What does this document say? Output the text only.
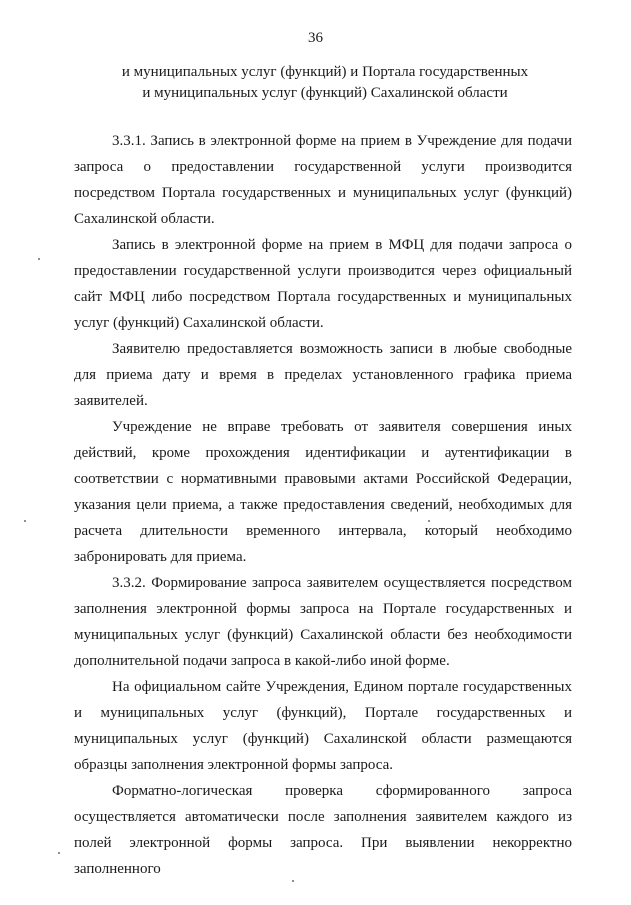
36
и муниципальных услуг (функций) и Портала государственных
и муниципальных услуг (функций) Сахалинской области

3.3.1. Запись в электронной форме на прием в Учреждение для подачи запроса о предоставлении государственной услуги производится посредством Портала государственных и муниципальных услуг (функций) Сахалинской области.

Запись в электронной форме на прием в МФЦ для подачи запроса о предоставлении государственной услуги производится через официальный сайт МФЦ либо посредством Портала государственных и муниципальных услуг (функций) Сахалинской области.

Заявителю предоставляется возможность записи в любые свободные для приема дату и время в пределах установленного графика приема заявителей.

Учреждение не вправе требовать от заявителя совершения иных действий, кроме прохождения идентификации и аутентификации в соответствии с нормативными правовыми актами Российской Федерации, указания цели приема, а также предоставления сведений, необходимых для расчета длительности временного интервала, который необходимо забронировать для приема.

3.3.2. Формирование запроса заявителем осуществляется посредством заполнения электронной формы запроса на Портале государственных и муниципальных услуг (функций) Сахалинской области без необходимости дополнительной подачи запроса в какой-либо иной форме.

На официальном сайте Учреждения, Едином портале государственных и муниципальных услуг (функций), Портале государственных и муниципальных услуг (функций) Сахалинской области размещаются образцы заполнения электронной формы запроса.

Форматно-логическая проверка сформированного запроса осуществляется автоматически после заполнения заявителем каждого из полей электронной формы запроса. При выявлении некорректно заполненного
